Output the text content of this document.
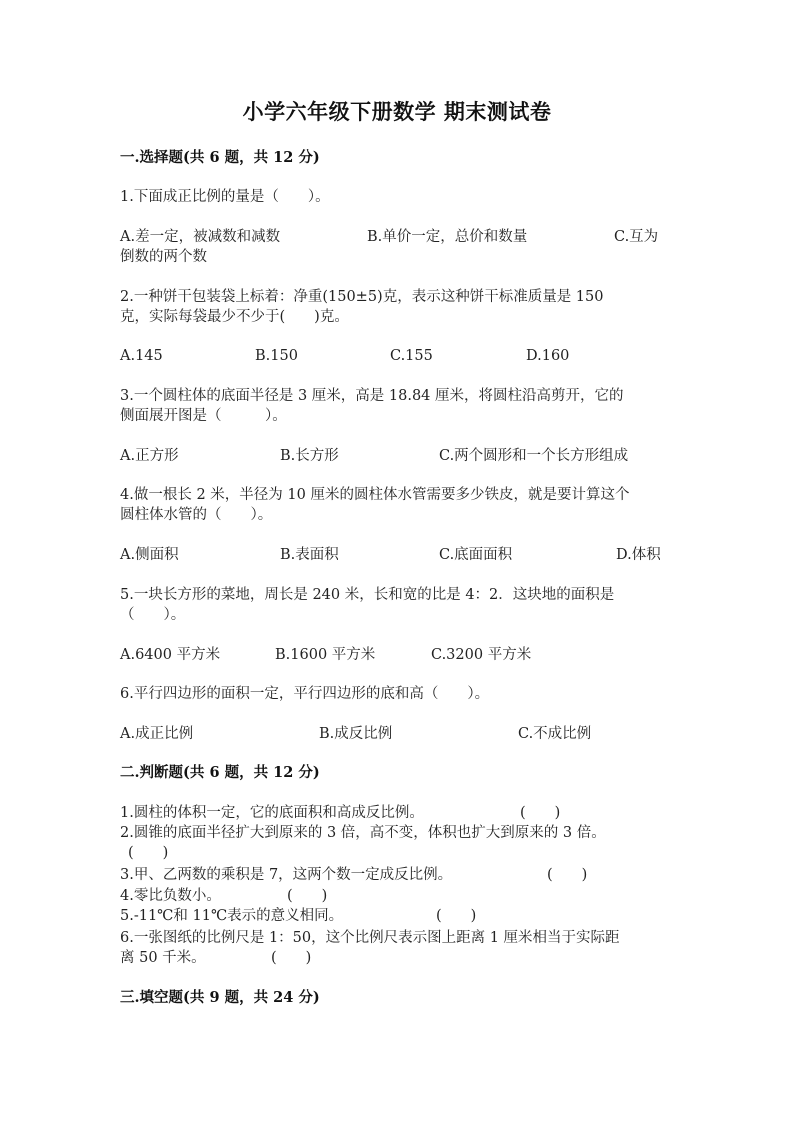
小学六年级下册数学 期末测试卷
一.选择题(共 6 题，共 12 分)
1.下面成正比例的量是（　　）。
A.差一定，被减数和减数	B.单价一定，总价和数量	C.互为
倒数的两个数
2.一种饼干包装袋上标着：净重(150±5)克，表示这种饼干标准质量是 150
克，实际每袋最少不少于(　　)克。
A.145	B.150	C.155	D.160
3.一个圆柱体的底面半径是 3 厘米，高是 18.84 厘米，将圆柱沿高剪开，它的
侧面展开图是（　　　）。
A.正方形	B.长方形	C.两个圆形和一个长方形组成
4.做一根长 2 米，半径为 10 厘米的圆柱体水管需要多少铁皮，就是要计算这个
圆柱体水管的（　　）。
A.侧面积	B.表面积	C.底面面积	D.体积
5.一块长方形的菜地，周长是 240 米，长和宽的比是 4：2．这块地的面积是
（　　）。
A.6400 平方米	B.1600 平方米	C.3200 平方米
6.平行四边形的面积一定，平行四边形的底和高（　　）。
A.成正比例	B.成反比例	C.不成比例
二.判断题(共 6 题，共 12 分)
1.圆柱的体积一定，它的底面积和高成反比例。	(　　)
2.圆锥的底面半径扩大到原来的 3 倍，高不变，体积也扩大到原来的 3 倍。
(　　)
3.甲、乙两数的乘积是 7，这两个数一定成反比例。	(　　)
4.零比负数小。	(　　)
5.-11℃和 11℃表示的意义相同。	(　　)
6.一张图纸的比例尺是 1：50，这个比例尺表示图上距离 1 厘米相当于实际距
离 50 千米。	(　　)
三.填空题(共 9 题，共 24 分)
